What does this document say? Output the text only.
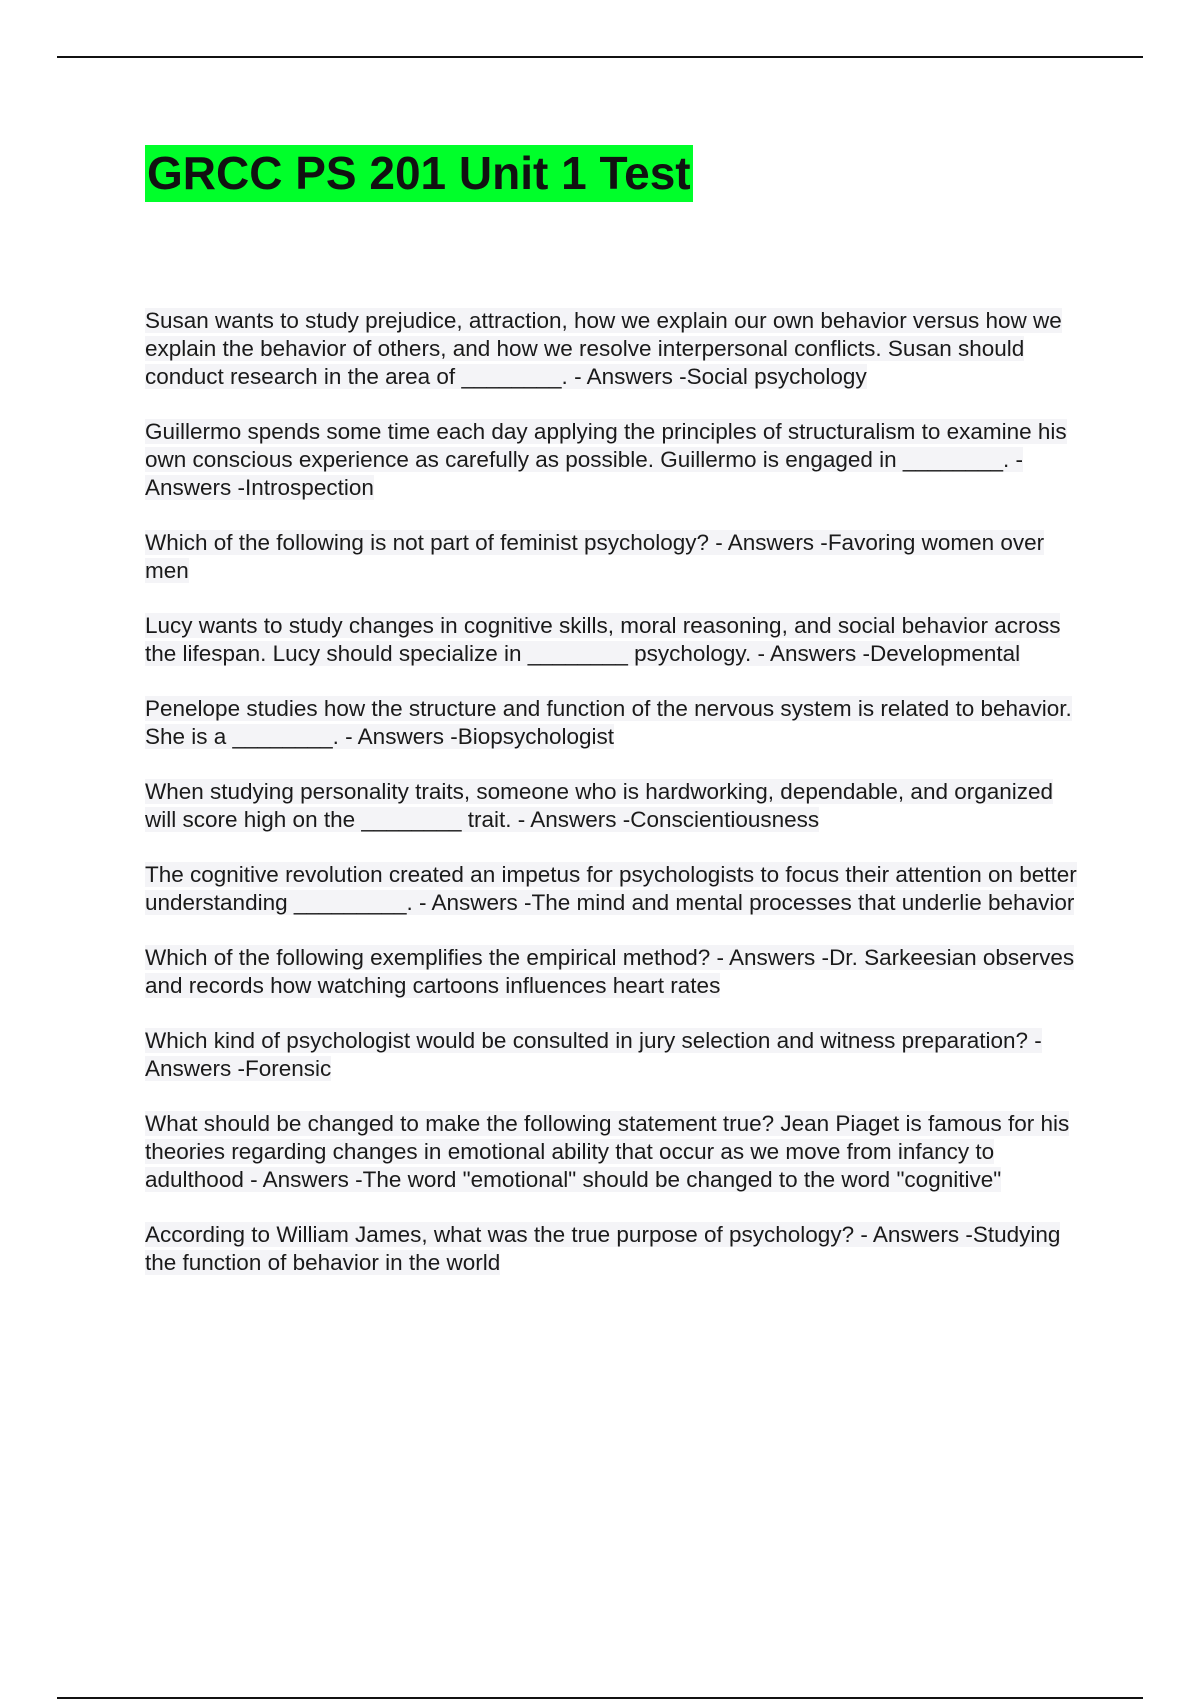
GRCC PS 201 Unit 1 Test

Susan wants to study prejudice, attraction, how we explain our own behavior versus how we explain the behavior of others, and how we resolve interpersonal conflicts. Susan should conduct research in the area of ________. - Answers -Social psychology

Guillermo spends some time each day applying the principles of structuralism to examine his own conscious experience as carefully as possible. Guillermo is engaged in ________. - Answers -Introspection

Which of the following is not part of feminist psychology? - Answers -Favoring women over men

Lucy wants to study changes in cognitive skills, moral reasoning, and social behavior across the lifespan. Lucy should specialize in ________ psychology. - Answers -Developmental

Penelope studies how the structure and function of the nervous system is related to behavior. She is a ________. - Answers -Biopsychologist

When studying personality traits, someone who is hardworking, dependable, and organized will score high on the ________ trait. - Answers -Conscientiousness

The cognitive revolution created an impetus for psychologists to focus their attention on better understanding _________. - Answers -The mind and mental processes that underlie behavior

Which of the following exemplifies the empirical method? - Answers -Dr. Sarkeesian observes and records how watching cartoons influences heart rates

Which kind of psychologist would be consulted in jury selection and witness preparation? - Answers -Forensic

What should be changed to make the following statement true? Jean Piaget is famous for his theories regarding changes in emotional ability that occur as we move from infancy to adulthood - Answers -The word "emotional" should be changed to the word "cognitive"

According to William James, what was the true purpose of psychology? - Answers -Studying the function of behavior in the world
